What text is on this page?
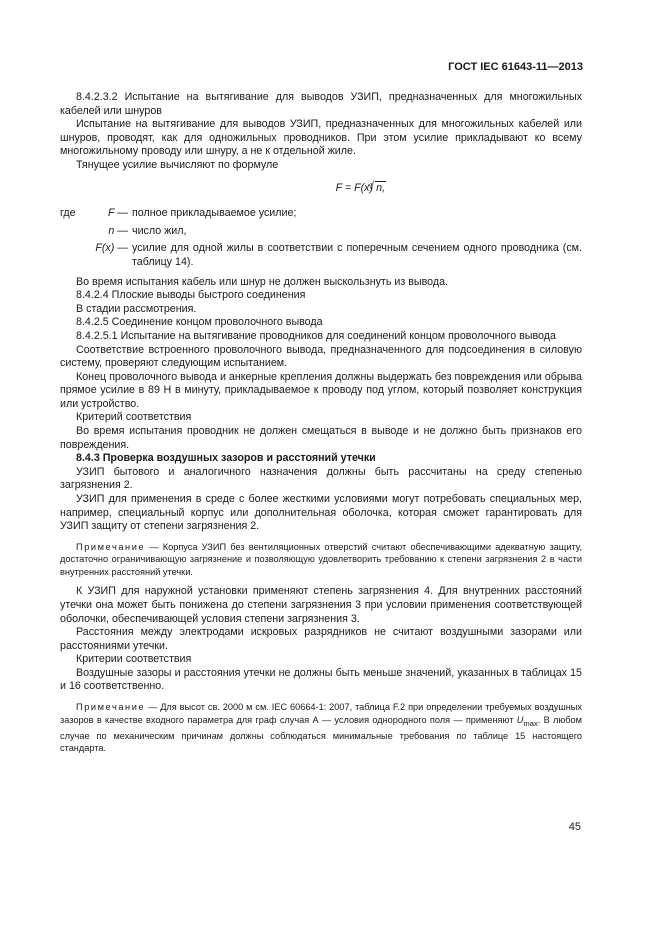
ГОСТ IEC 61643-11—2013

8.4.2.3.2 Испытание на вытягивание для выводов УЗИП, предназначенных для многожильных кабелей или шнуров

Испытание на вытягивание для выводов УЗИП, предназначенных для многожильных кабелей или шнуров, проводят, как для одножильных проводников. При этом усилие прикладывают ко всему многожильному проводу или шнуру, а не к отдельной жиле.

Тянущее усилие вычисляют по формуле

F = F(x)√ n,
где	F — полное прикладываемое усилие;
n — число жил,
F(x) — усилие для одной жилы в соответствии с поперечным сечением одного проводника (см. таблицу 14).

Во время испытания кабель или шнур не должен выскользнуть из вывода.

8.4.2.4 Плоские выводы быстрого соединения

В стадии рассмотрения.

8.4.2.5 Соединение концом проволочного вывода

8.4.2.5.1 Испытание на вытягивание проводников для соединений концом проволочного вывода

Соответствие встроенного проволочного вывода, предназначенного для подсоединения в силовую систему, проверяют следующим испытанием.

Конец проволочного вывода и анкерные крепления должны выдержать без повреждения или обрыва прямое усилие в 89 Н в минуту, прикладываемое к проводу под углом, который позволяет конструкция или устройство.

Критерий соответствия

Во время испытания проводник не должен смещаться в выводе и не должно быть признаков его повреждения.

8.4.3 Проверка воздушных зазоров и расстояний утечки

УЗИП бытового и аналогичного назначения должны быть рассчитаны на среду степенью загрязнения 2.

УЗИП для применения в среде с более жесткими условиями могут потребовать специальных мер, например, специальный корпус или дополнительная оболочка, которая сможет гарантировать для УЗИП защиту от степени загрязнения 2.

Примечание — Корпуса УЗИП без вентиляционных отверстий считают обеспечивающими адекватную защиту, достаточно ограничивающую загрязнение и позволяющую удовлетворить требованию к степени загрязнения 2 в части внутренних расстояний утечки.

К УЗИП для наружной установки применяют степень загрязнения 4. Для внутренних расстояний утечки она может быть понижена до степени загрязнения 3 при условии применения соответствующей оболочки, обеспечивающей условия степени загрязнения 3.

Расстояния между электродами искровых разрядников не считают воздушными зазорами или расстояниями утечки.

Критерии соответствия

Воздушные зазоры и расстояния утечки не должны быть меньше значений, указанных в таблицах 15 и 16 соответственно.

Примечание — Для высот св. 2000 м см. IEC 60664-1: 2007, таблица F.2 при определении требуемых воздушных зазоров в качестве входного параметра для граф случая А — условия однородного поля — применяют $U_{max}$. В любом случае по механическим причинам должны соблюдаться минимальные требования по таблице 15 настоящего стандарта.
45
